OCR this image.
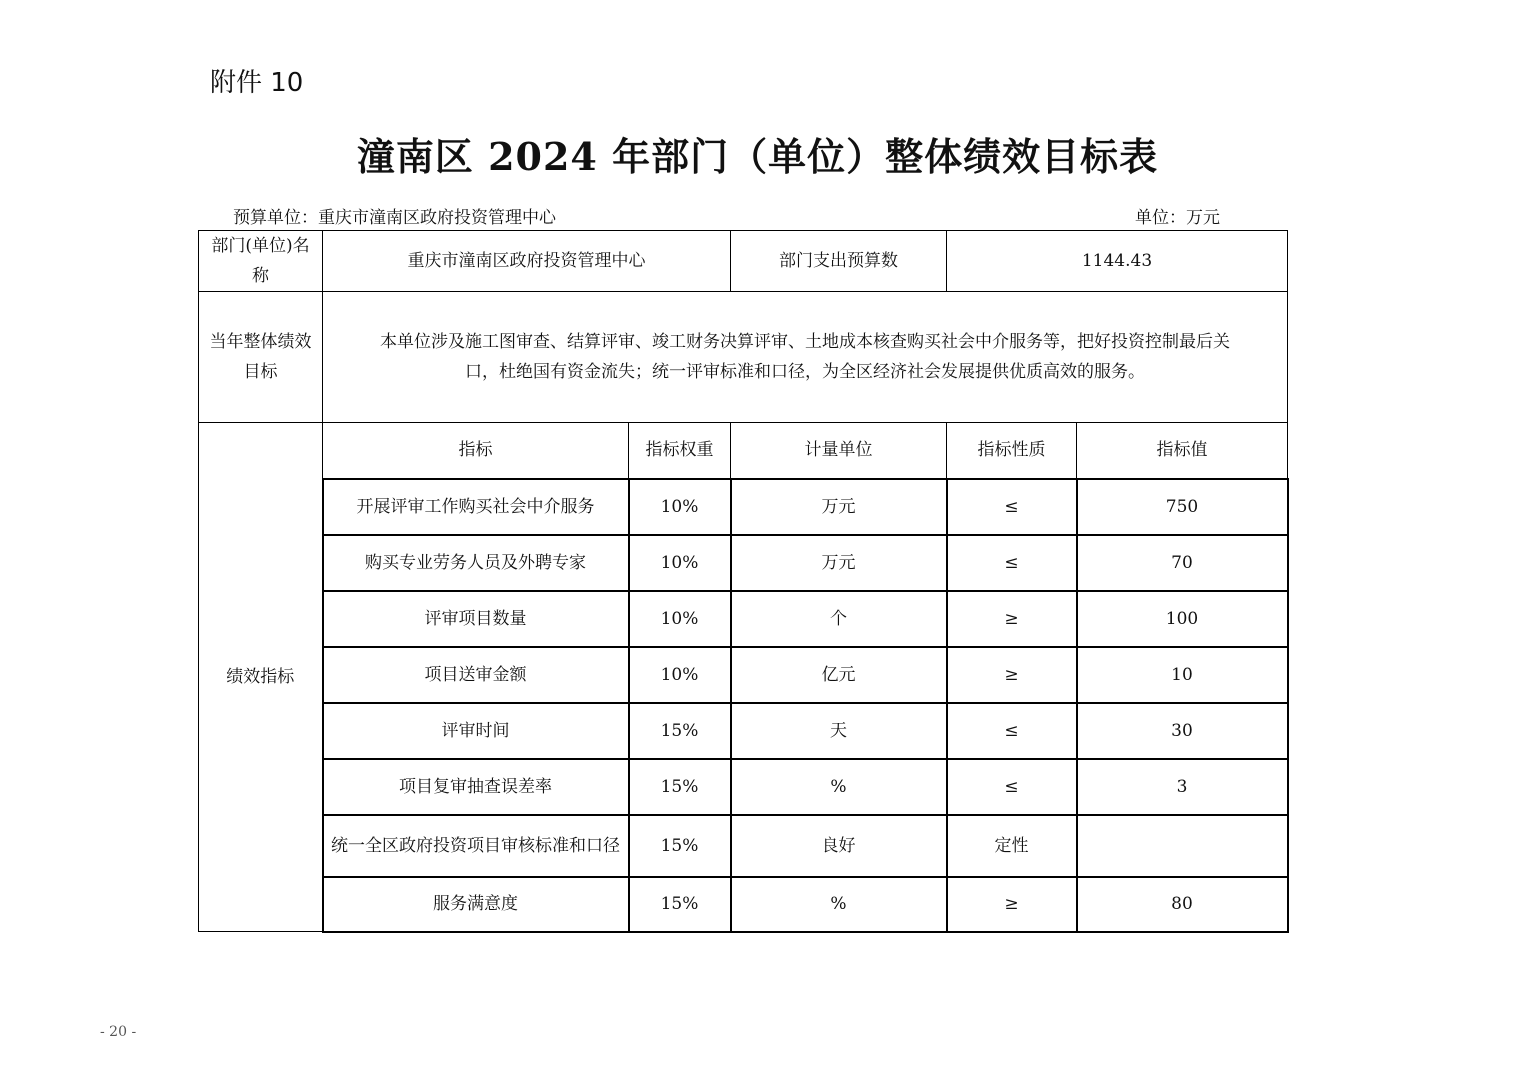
附件 10
潼南区 2024 年部门（单位）整体绩效目标表
预算单位：重庆市潼南区政府投资管理中心	单位：万元
部门(单位)名称	重庆市潼南区政府投资管理中心		部门支出预算数	1144.43	
当年整体绩效目标	本单位涉及施工图审查、结算评审、竣工财务决算评审、土地成本核查购买社会中介服务等，把好投资控制最后关
口，杜绝国有资金流失；统一评审标准和口径，为全区经济社会发展提供优质高效的服务。				

绩效指标	指标	指标权重	计量单位	指标性质	指标值
	开展评审工作购买社会中介服务	10%	万元	≤	750
	购买专业劳务人员及外聘专家	10%	万元	≤	70
	评审项目数量	10%	个	≥	100
	项目送审金额	10%	亿元	≥	10
	评审时间	15%	天	≤	30
	项目复审抽查误差率	15%	%	≤	3
	统一全区政府投资项目审核标准和口径	15%	良好	定性	
	服务满意度	15%	%	≥	80
- 20 -
